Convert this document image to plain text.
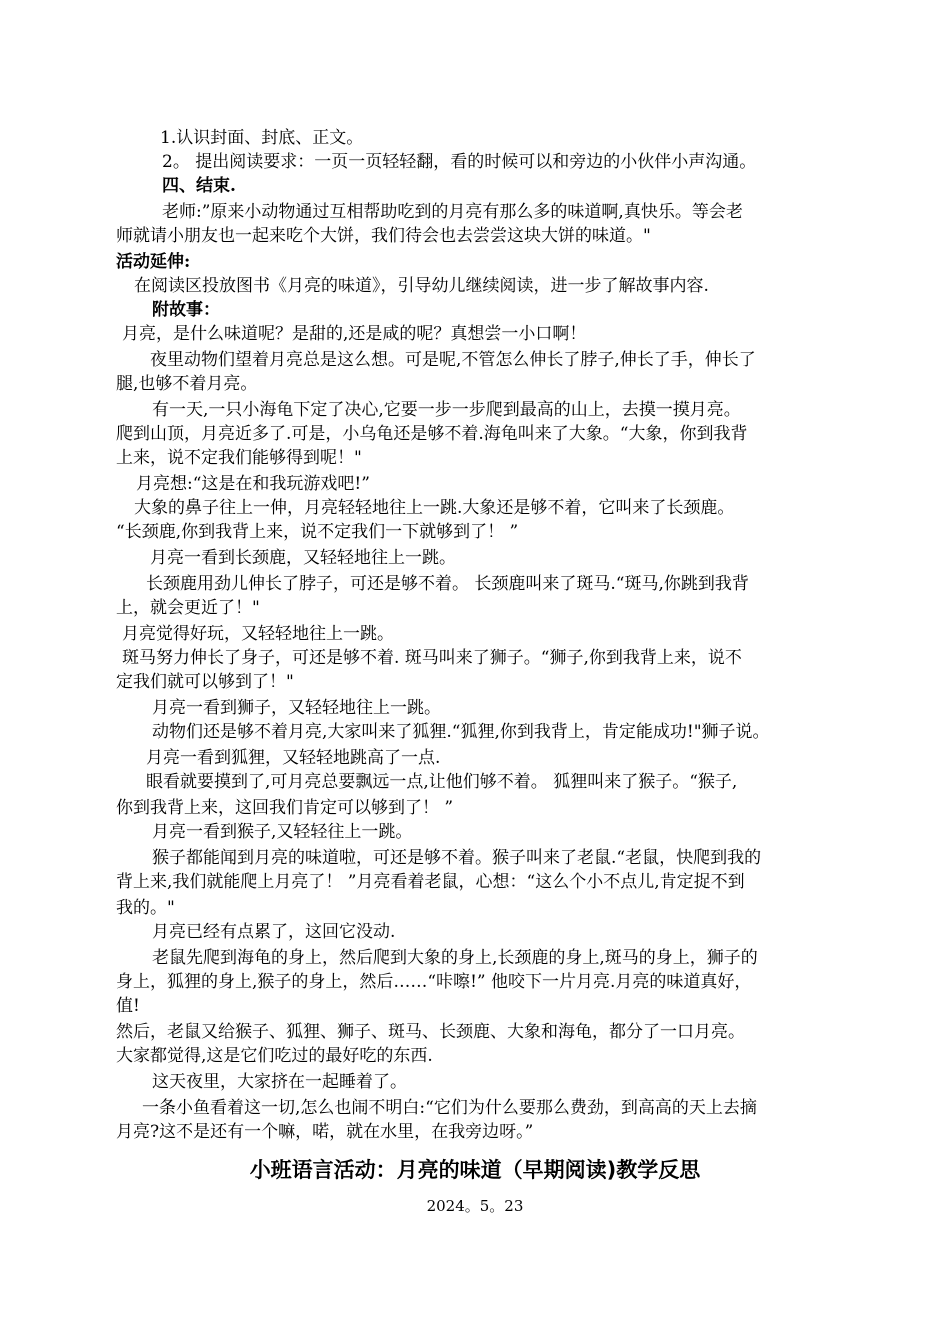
1.认识封面、封底、正文。
2。 提出阅读要求：一页一页轻轻翻，看的时候可以和旁边的小伙伴小声沟通。
四、结束.
老师:”原来小动物通过互相帮助吃到的月亮有那么多的味道啊,真快乐。等会老
师就请小朋友也一起来吃个大饼，我们待会也去尝尝这块大饼的味道。"
活动延伸:
在阅读区投放图书《月亮的味道》，引导幼儿继续阅读，进一步了解故事内容.
附故事：
月亮，是什么味道呢？是甜的,还是咸的呢？真想尝一小口啊！
夜里动物们望着月亮总是这么想。可是呢,不管怎么伸长了脖子,伸长了手，伸长了
腿,也够不着月亮。
有一天,一只小海龟下定了决心,它要一步一步爬到最高的山上，去摸一摸月亮。
爬到山顶，月亮近多了.可是，小乌龟还是够不着.海龟叫来了大象。“大象，你到我背
上来，说不定我们能够得到呢！"
月亮想:“这是在和我玩游戏吧!”
大象的鼻子往上一伸，月亮轻轻地往上一跳.大象还是够不着，它叫来了长颈鹿。
“长颈鹿,你到我背上来，说不定我们一下就够到了！ ”
月亮一看到长颈鹿，又轻轻地往上一跳。
长颈鹿用劲儿伸长了脖子，可还是够不着。 长颈鹿叫来了斑马.“斑马,你跳到我背
上，就会更近了！"
月亮觉得好玩，又轻轻地往上一跳。
斑马努力伸长了身子，可还是够不着. 斑马叫来了狮子。“狮子,你到我背上来，说不
定我们就可以够到了！"
月亮一看到狮子，又轻轻地往上一跳。
动物们还是够不着月亮,大家叫来了狐狸.“狐狸,你到我背上，肯定能成功!"狮子说。
月亮一看到狐狸，又轻轻地跳高了一点.
眼看就要摸到了,可月亮总要飘远一点,让他们够不着。 狐狸叫来了猴子。“猴子,
你到我背上来，这回我们肯定可以够到了！ ”
月亮一看到猴子,又轻轻往上一跳。
猴子都能闻到月亮的味道啦，可还是够不着。猴子叫来了老鼠.“老鼠，快爬到我的
背上来,我们就能爬上月亮了！ ”月亮看着老鼠，心想：“这么个小不点儿,肯定捉不到
我的。"
月亮已经有点累了，这回它没动.
老鼠先爬到海龟的身上，然后爬到大象的身上,长颈鹿的身上,斑马的身上，狮子的
身上，狐狸的身上,猴子的身上，然后……“咔嚓!” 他咬下一片月亮.月亮的味道真好，
值!
然后，老鼠又给猴子、狐狸、狮子、斑马、长颈鹿、大象和海龟，都分了一口月亮。
大家都觉得,这是它们吃过的最好吃的东西.
这天夜里，大家挤在一起睡着了。
一条小鱼看着这一切,怎么也闹不明白:“它们为什么要那么费劲，到高高的天上去摘
月亮?这不是还有一个嘛，喏，就在水里，在我旁边呀。”
小班语言活动：月亮的味道（早期阅读)教学反思
2024。5。23
